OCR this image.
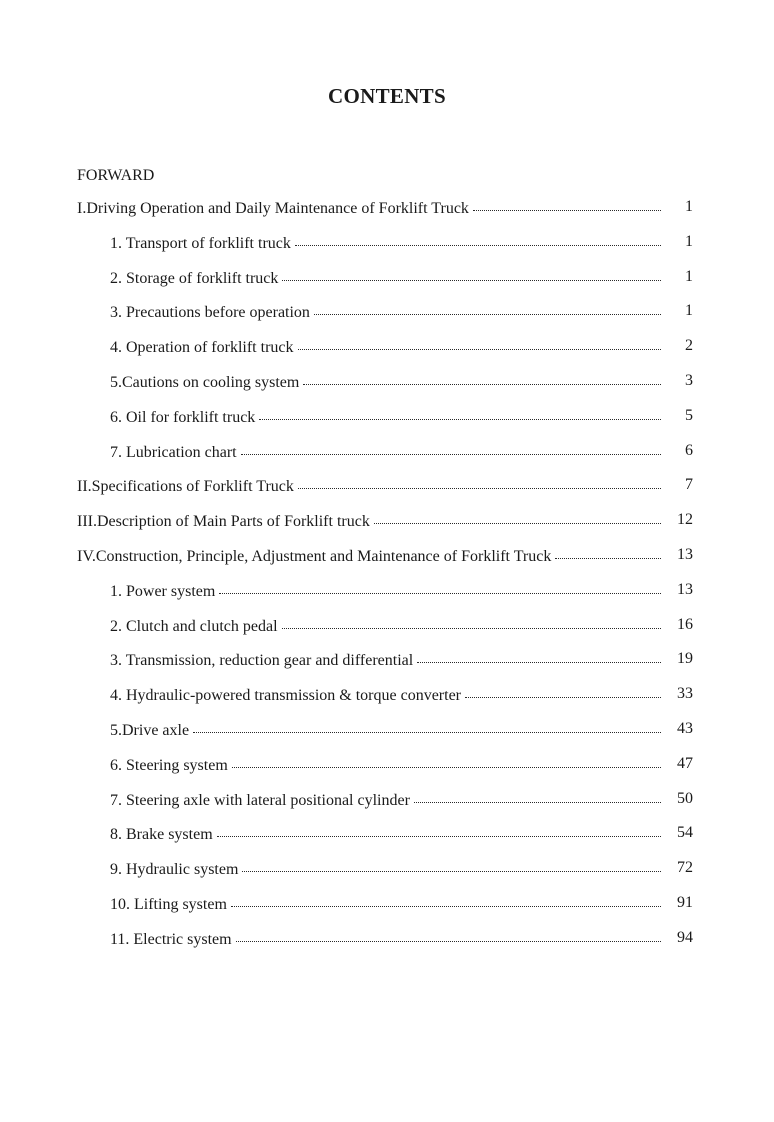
CONTENTS
FORWARD
I.Driving Operation and Daily Maintenance of Forklift Truck	1
1. Transport of forklift truck	1
2. Storage of forklift truck	1
3. Precautions before operation	1
4. Operation of forklift truck	2
5.Cautions on cooling system	3
6. Oil for forklift truck	5
7. Lubrication chart	6
II.Specifications of Forklift Truck	7
III.Description of Main Parts of Forklift truck	12
IV.Construction, Principle, Adjustment and Maintenance of Forklift Truck	13
1. Power system	13
2. Clutch and clutch pedal	16
3. Transmission, reduction gear and differential	19
4. Hydraulic-powered transmission & torque converter	33
5.Drive axle	43
6. Steering system	47
7. Steering axle with lateral positional cylinder	50
8. Brake system	54
9. Hydraulic system	72
10. Lifting system	91
11. Electric system	94
